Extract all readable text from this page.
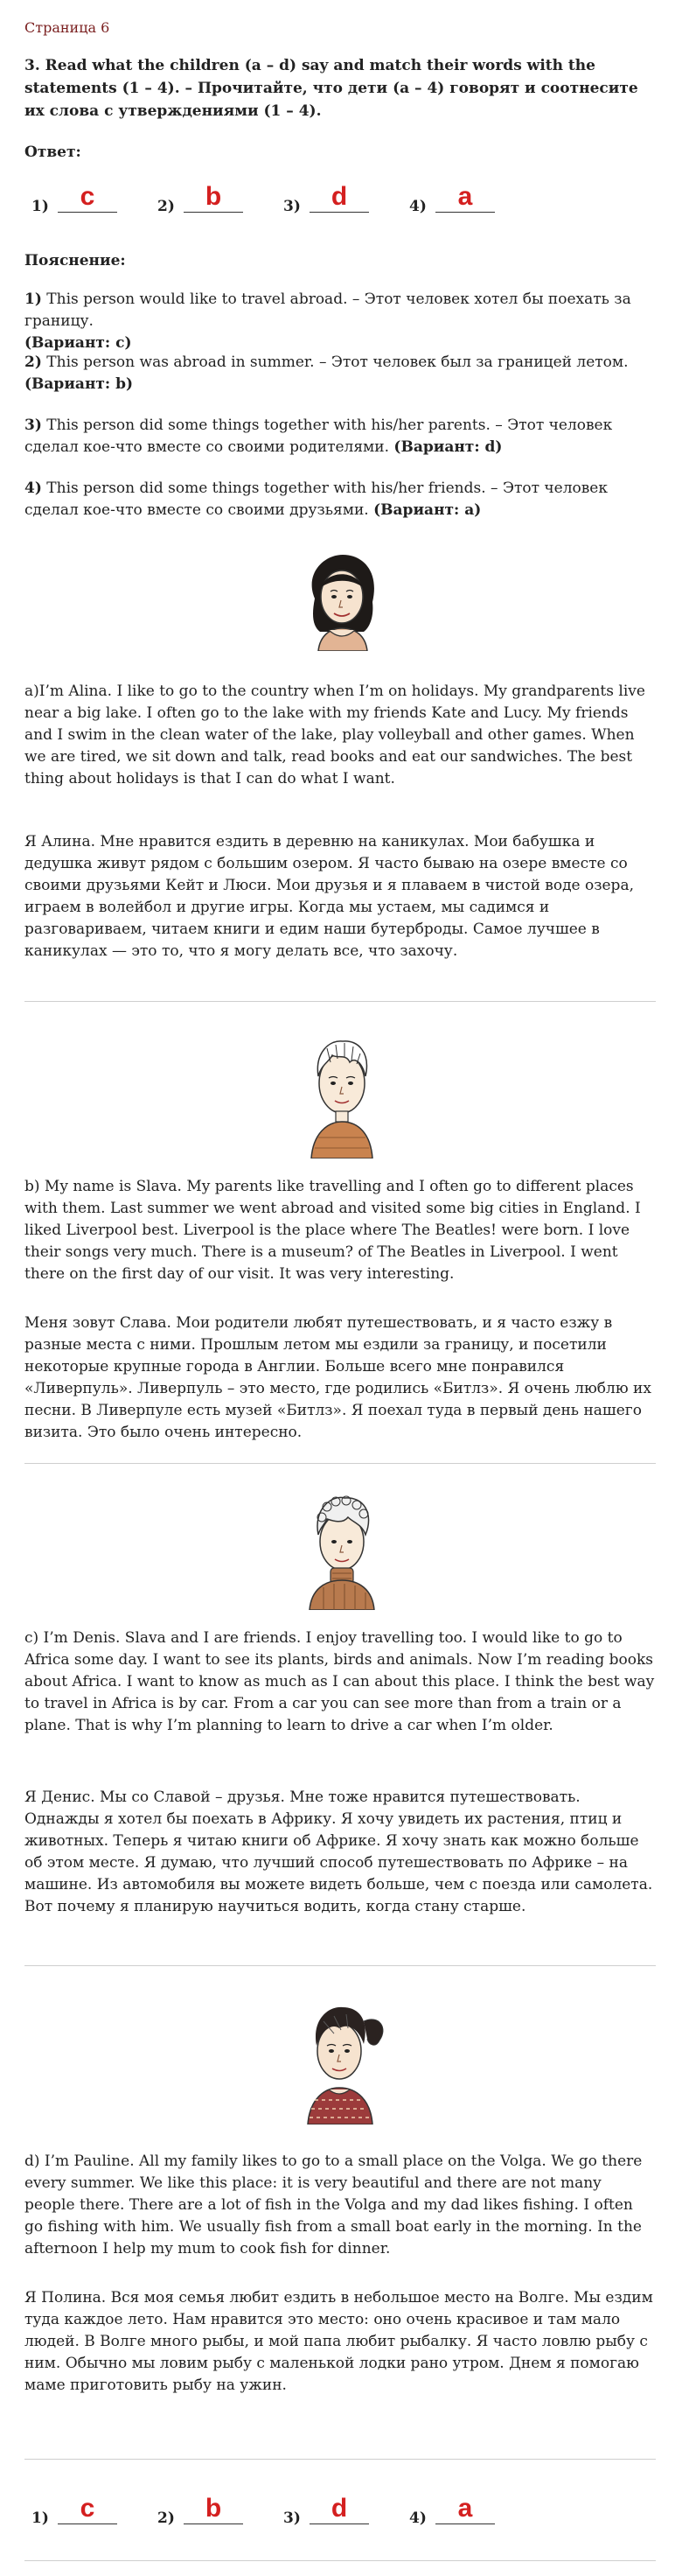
Страница 6
3. Read what the children (a – d) say and match their words with the statements (1 – 4). – Прочитайте, что дети (а – 4) говорят и соотнесите их слова с утверждениями (1 – 4).
Ответ:
1)	c	2)	b	3)	d	4)	a
Пояснение:
1) This person would like to travel abroad. – Этот человек хотел бы поехать за границу.
(Вариант: c)
2) This person was abroad in summer. – Этот человек был за границей летом.
(Вариант: b)
3) This person did some things together with his/her parents. – Этот человек сделал кое-что вместе со своими родителями. (Вариант: d)
4) This person did some things together with his/her friends. – Этот человек сделал кое-что вместе со своими друзьями. (Вариант: a)
a)I’m Alina. I like to go to the country when I’m on holidays. My grandparents live near a big lake. I often go to the lake with my friends Kate and Lucy. My friends and I swim in the clean water of the lake, play volleyball and other games. When we are tired, we sit down and talk, read books and eat our sandwiches. The best thing about holidays is that I can do what I want.
Я Алина. Мне нравится ездить в деревню на каникулах. Мои бабушка и дедушка живут рядом с большим озером. Я часто бываю на озере вместе со своими друзьями Кейт и Люси. Мои друзья и я плаваем в чистой воде озера, играем в волейбол и другие игры. Когда мы устаем, мы садимся и разговариваем, читаем книги и едим наши бутерброды. Самое лучшее в каникулах — это то, что я могу делать все, что захочу.
b) My name is Slava. My parents like travelling and I often go to different places with them. Last summer we went abroad and visited some big cities in England. I liked Liverpool best. Liverpool is the place where The Beatles! were born. I love their songs very much. There is a museum? of The Beatles in Liverpool. I went there on the first day of our visit. It was very interesting.
Меня зовут Слава. Мои родители любят путешествовать, и я часто езжу в разные места с ними. Прошлым летом мы ездили за границу, и посетили некоторые крупные города в Англии. Больше всего мне понравился «Ливерпуль». Ливерпуль – это место, где родились «Битлз». Я очень люблю их песни. В Ливерпуле есть музей «Битлз». Я поехал туда в первый день нашего визита. Это было очень интересно.
c) I’m Denis. Slava and I are friends. I enjoy travelling too. I would like to go to Africa some day. I want to see its plants, birds and animals. Now I’m reading books about Africa. I want to know as much as I can about this place. I think the best way to travel in Africa is by car. From a car you can see more than from a train or a plane. That is why I’m planning to learn to drive a car when I’m older.
Я Денис. Мы со Славой – друзья. Мне тоже нравится путешествовать. Однажды я хотел бы поехать в Африку. Я хочу увидеть их растения, птиц и животных. Теперь я читаю книги об Африке. Я хочу знать как можно больше об этом месте. Я думаю, что лучший способ путешествовать по Африке – на машине. Из автомобиля вы можете видеть больше, чем с поезда или самолета. Вот почему я планирую научиться водить, когда стану старше.
d) I’m Pauline. All my family likes to go to a small place on the Volga. We go there every summer. We like this place: it is very beautiful and there are not many people there. There are a lot of fish in the Volga and my dad likes fishing. I often go fishing with him. We usually fish from a small boat early in the morning. In the afternoon I help my mum to cook fish for dinner.
Я Полина. Вся моя семья любит ездить в небольшое место на Волге. Мы ездим туда каждое лето. Нам нравится это место: оно очень красивое и там мало людей. В Волге много рыбы, и мой папа любит рыбалку. Я часто ловлю рыбу с ним. Обычно мы ловим рыбу с маленькой лодки рано утром. Днем я помогаю маме приготовить рыбу на ужин.
1)	c	2)	b	3)	d	4)	a
